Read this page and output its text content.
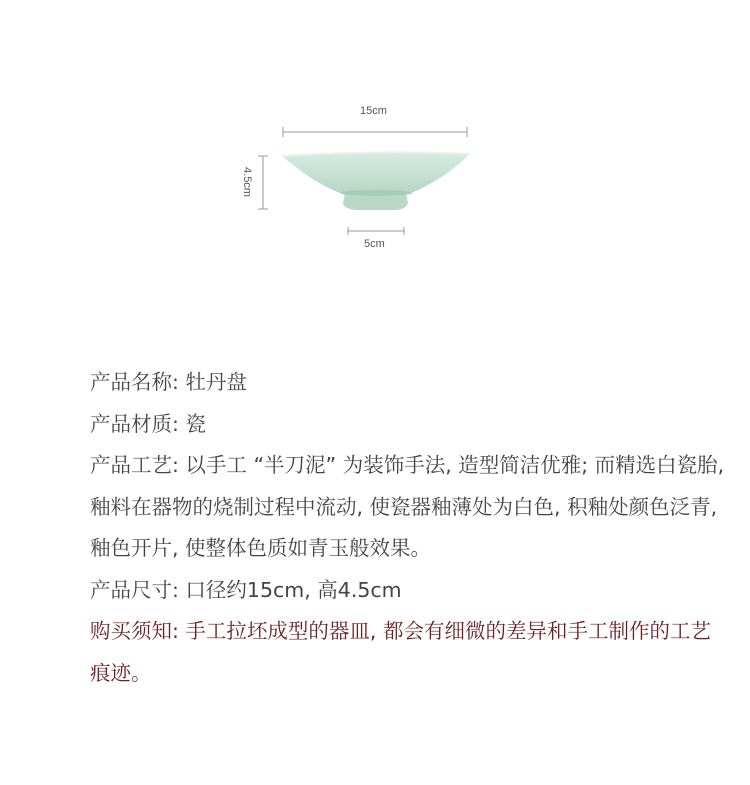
15cm
4.5cm
5cm

产品名称: 牡丹盘

产品材质: 瓷

产品工艺: 以手工 “半刀泥” 为装饰手法, 造型简洁优雅; 而精选白瓷胎, 釉料在器物的烧制过程中流动, 使瓷器釉薄处为白色, 积釉处颜色泛青, 釉色开片, 使整体色质如青玉般效果。

产品尺寸: 口径约15cm, 高4.5cm

购买须知: 手工拉坯成型的器皿, 都会有细微的差异和手工制作的工艺痕迹。
